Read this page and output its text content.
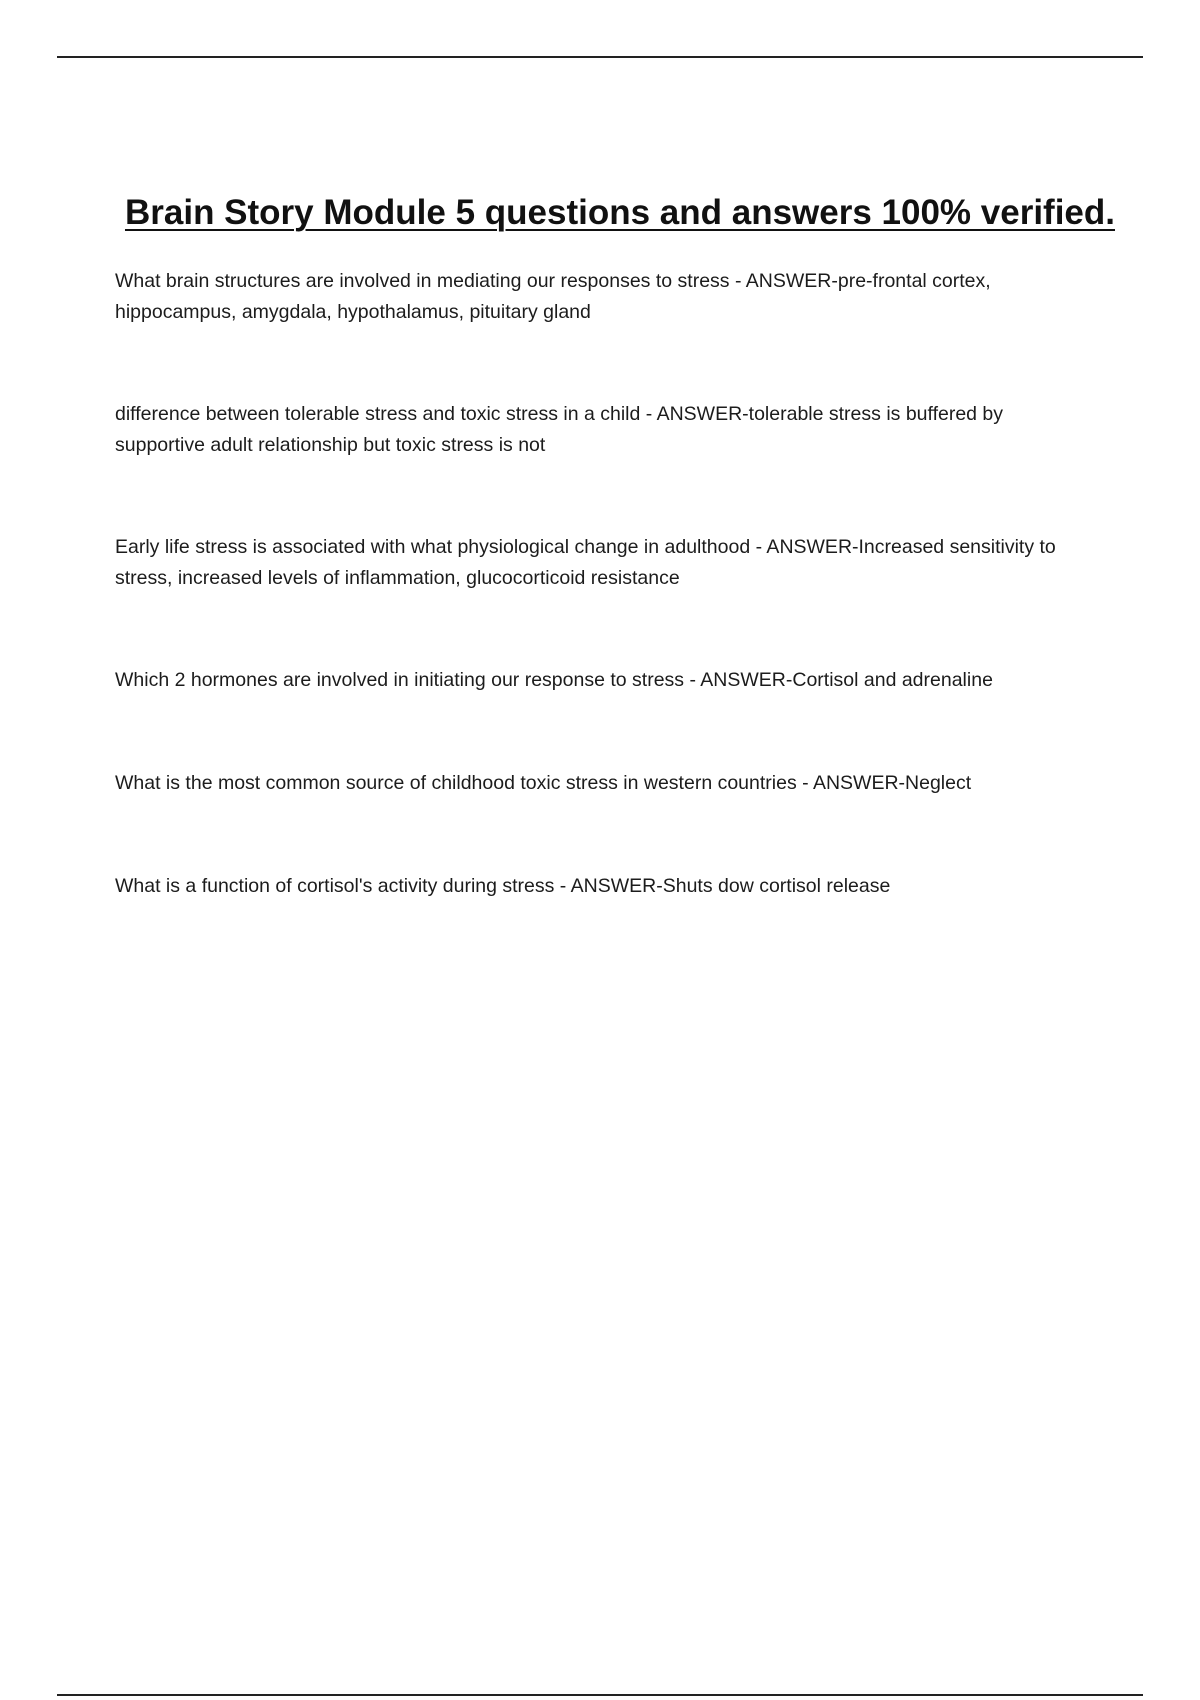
Brain Story Module 5 questions and answers 100% verified.
What brain structures are involved in mediating our responses to stress - ANSWER-pre-frontal cortex, hippocampus, amygdala, hypothalamus, pituitary gland
difference between tolerable stress and toxic stress in a child - ANSWER-tolerable stress is buffered by supportive adult relationship but toxic stress is not
Early life stress is associated with what physiological change in adulthood - ANSWER-Increased sensitivity to stress, increased levels of inflammation, glucocorticoid resistance
Which 2 hormones are involved in initiating our response to stress - ANSWER-Cortisol and adrenaline
What is the most common source of childhood toxic stress in western countries - ANSWER-Neglect
What is a function of cortisol's activity during stress - ANSWER-Shuts dow cortisol release
